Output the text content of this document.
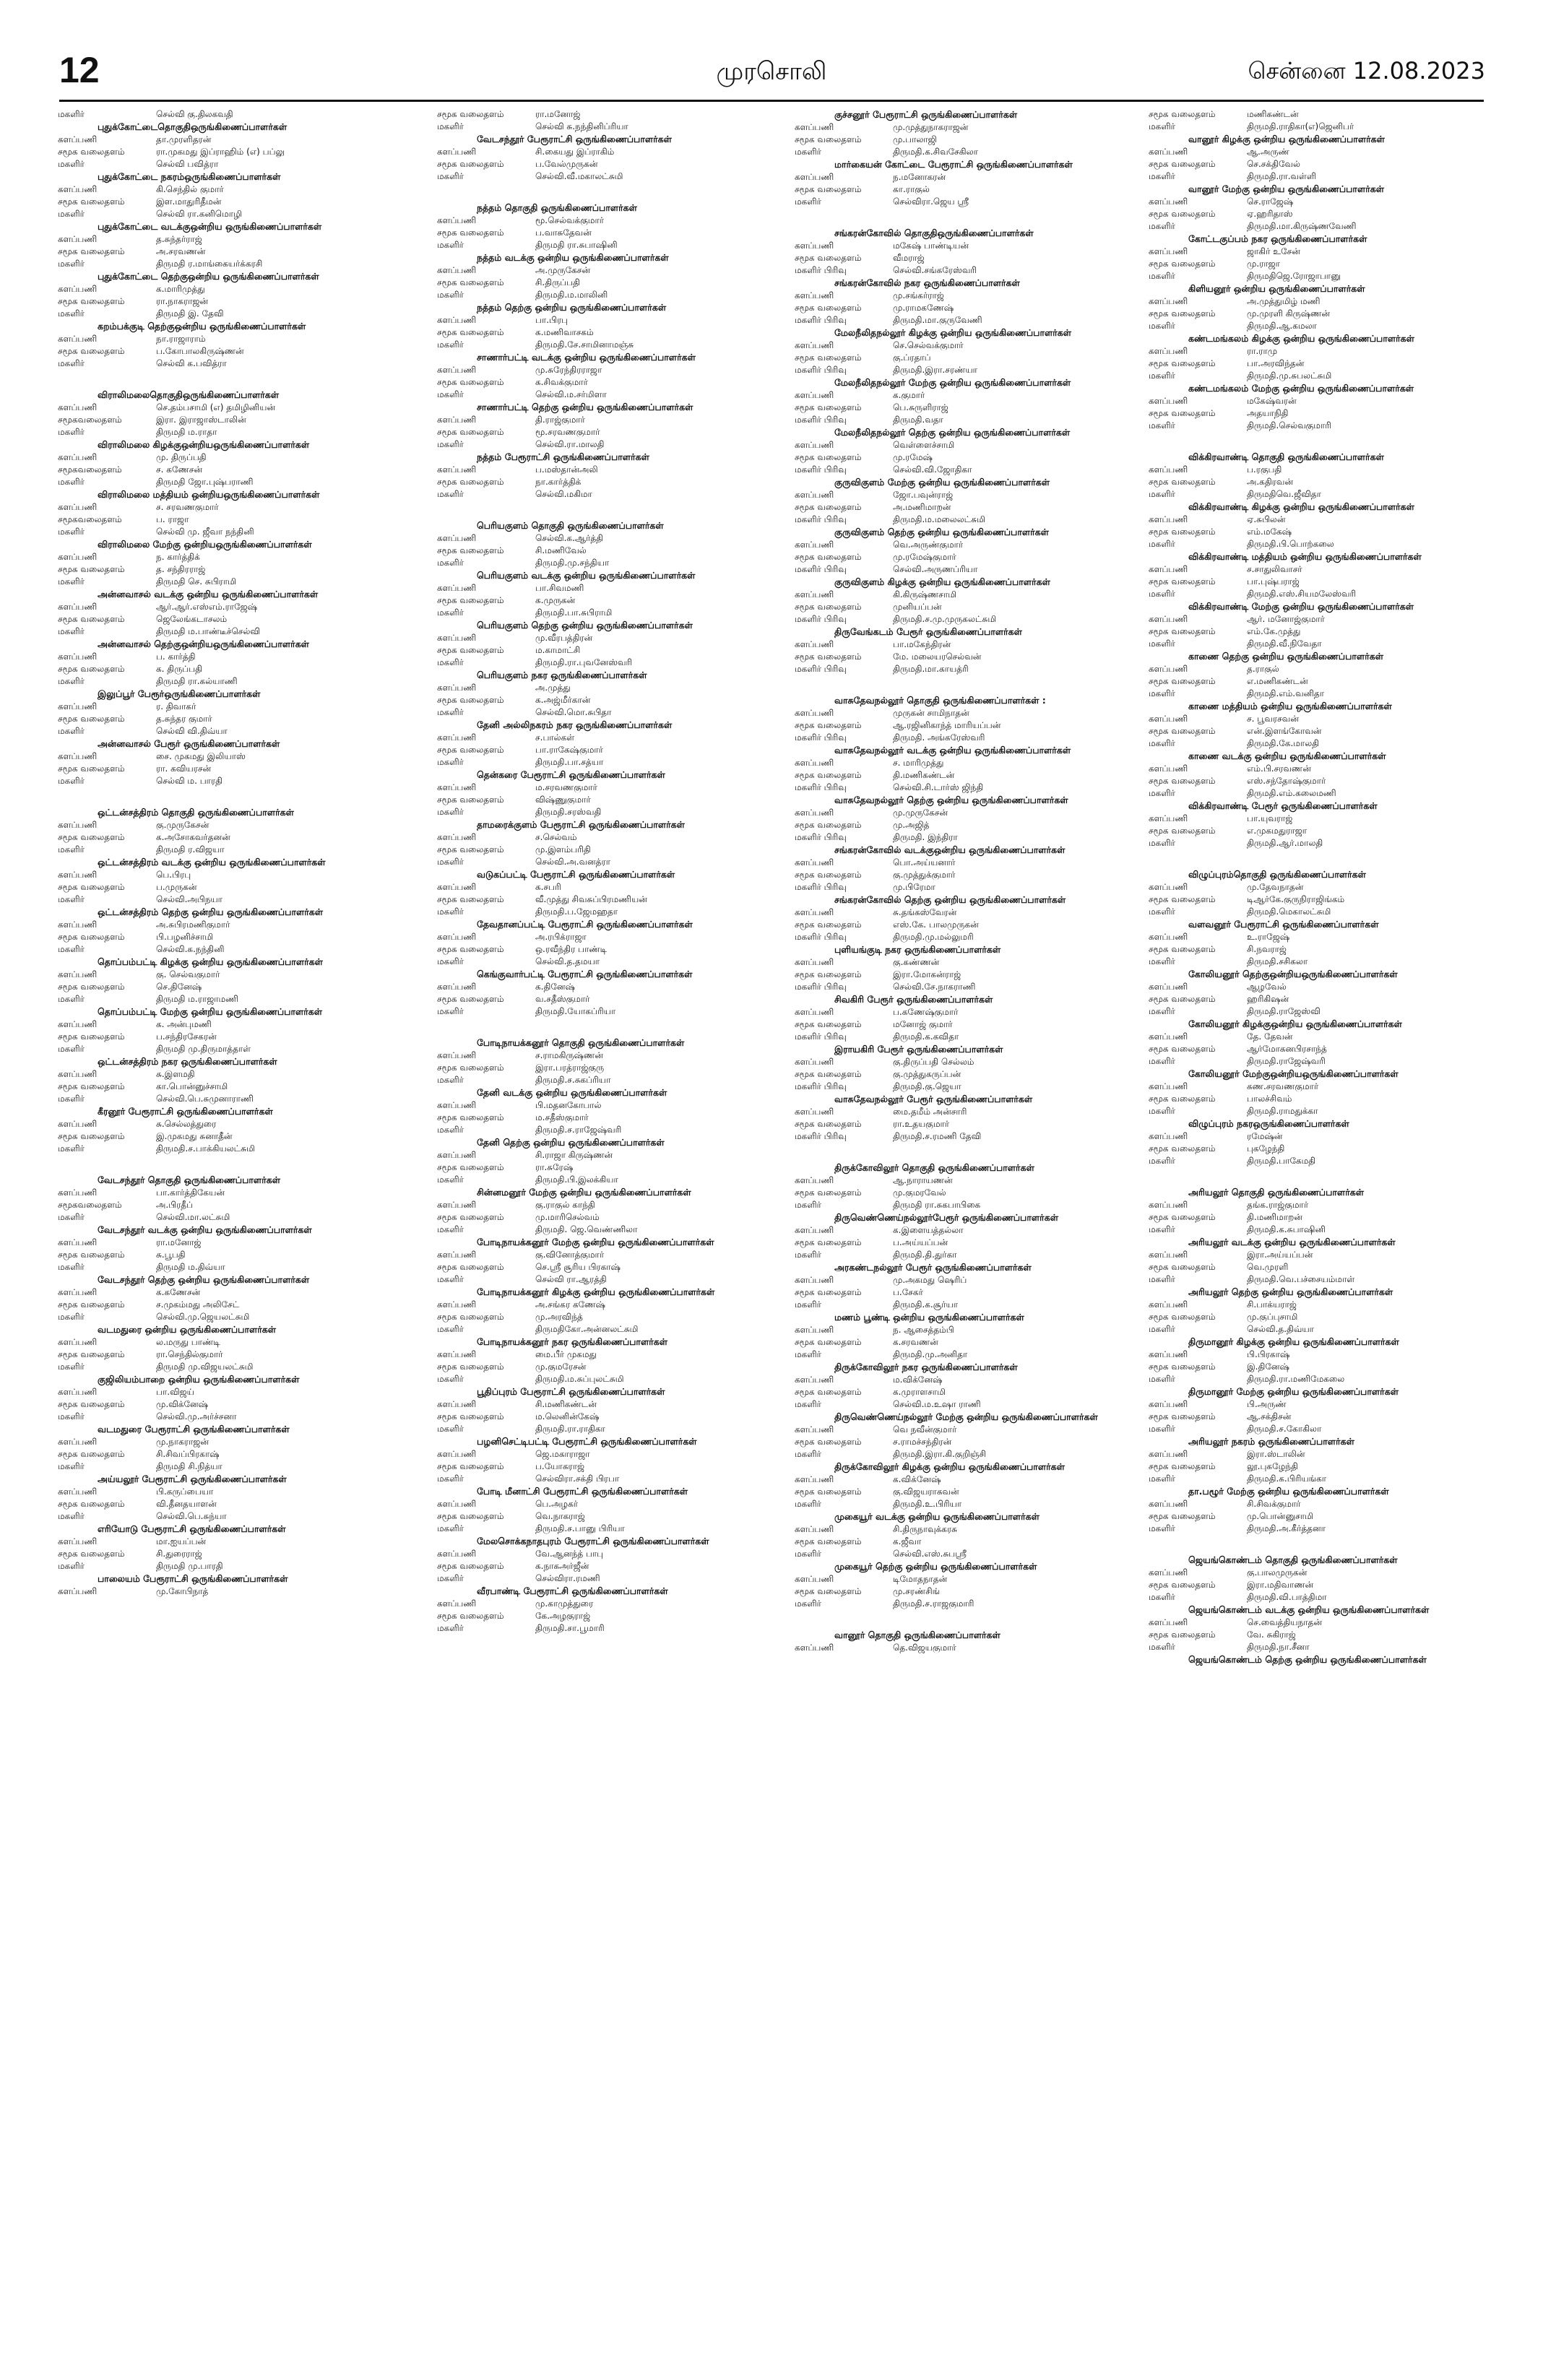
12	முரசொலி	சென்னை 12.08.2023
மகளிர்	செல்வி கு.திலகவதி
புதுக்கோட்டைதொகுதிஒருங்கிணைப்பாளர்கள்
களப்பணி	தா.முரளிதரன்
சமூக வலைதளம்	ரா.முகமது இப்ராஹிம் (எ) பப்லு
மகளிர்	செல்வி பவித்ரா
புதுக்கோட்டை நகரம்ஒருங்கிணைப்பாளர்கள்
களப்பணி	கி.செந்தில் குமார்
சமூக வலைதளம்	இள.மாதுரிதீமன்
மகளிர்	செல்வி ரா.கனிமொழி
புதுக்கோட்டை வடக்குஒன்றிய ஒருங்கிணைப்பாளர்கள்
களப்பணி	த.சுந்தர்ராஜ்
சமூக வலைதளம்	அ.சரவணன்
மகளிர்	திருமதி ர.மாங்கையர்க்கரசி
புதுக்கோட்டை தெற்குஒன்றிய ஒருங்கிணைப்பாளர்கள்
களப்பணி	க.மாரிமுத்து
சமூக வலைதளம்	ரா.நாகராஜன்
மகளிர்	திருமதி இ. தேவி
கறம்பக்குடி தெற்குஒன்றிய ஒருங்கிணைப்பாளர்கள்
களப்பணி	நா.ராஜாராம்
சமூக வலைதளம்	ப.கோபாலகிருஷ்ணன்
மகளிர்	செல்வி க.பவித்ரா
விராலிமலைதொகுதிஒருங்கிணைப்பாளர்கள்
களப்பணி	செ.தம்பசாமி (எ) தமிழினியன்
சமூகவலைதளம்	இரா. இராஜாஸ்டாலின்
மகளிர்	திருமதி ம.ராதா
விராலிமலை கிழக்குஒன்றியஒருங்கிணைப்பாளர்கள்
களப்பணி	மு. திருப்பதி
சமூகவலைதளம்	ச. கணேசன்
மகளிர்	திருமதி ஜோ.புஷ்பராணி
விராலிமலை மத்தியம் ஒன்றியஒருங்கிணைப்பாளர்கள்
களப்பணி	ச. சரவணகுமார்
சமூகவலைதளம்	ப. ராஜா
மகளிர்	செல்வி மு. ஜீவா நந்தினி
விராலிமலை மேற்கு ஒன்றியஒருங்கிணைப்பாளர்கள்
களப்பணி	ந. கார்த்திக்
சமூக வலைதளம்	த. சந்திரராஜ்
மகளிர்	திருமதி செ. சுபிராமி
அன்னவாசல் வடக்கு ஒன்றிய ஒருங்கிணைப்பாளர்கள்
களப்பணி	ஆர்.ஆர்.எஸ்எம்.ராஜேஷ்
சமூக வலைதளம்	ஜெலேங்கடாசலம்
மகளிர்	திருமதி ம.பாண்டீச்செல்வி
அன்னவாசல் தெற்குஒன்றியஒருங்கிணைப்பாளர்கள்
களப்பணி	ப. கார்த்தி
சமூக வலைதளம்	க. திருப்பதி
மகளிர்	திருமதி ரா.கல்யாணி
இலுப்பூர் பேரூர்ஒருங்கிணைப்பாளர்கள்
களப்பணி	ர. திவாகர்
சமூக வலைதளம்	த.சுந்தர குமார்
மகளிர்	செல்வி வி.திவ்யா
அன்னவாசல் பேரூர் ஒருங்கிணைப்பாளர்கள்
களப்பணி	சை. முகமது இலியாஸ்
சமூக வலைதளம்	ரா. கவியரசன்
மகளிர்	செல்வி ம. பாரதி
ஒட்டன்சத்திரம் தொகுதி ஒருங்கிணைப்பாளர்கள்
களப்பணி	கு.முருகேசன்
சமூக வலைதளம்	க.அசோகவர்தனன்
மகளிர்	திருமதி ர.விஜயா
ஒட்டன்சத்திரம் வடக்கு ஒன்றிய ஒருங்கிணைப்பாளர்கள்
களப்பணி	பெ.பிரபு
சமூக வலைதளம்	ப.முருகன்
மகளிர்	செல்வி.அபிநயா
ஒட்டன்சத்திரம் தெற்கு ஒன்றிய ஒருங்கிணைப்பாளர்கள்
களப்பணி	அ.சுபிரமணிகுமார்
சமூக வலைதளம்	பி.பழனிச்சாமி
மகளிர்	செல்வி.க.நந்தினி
தொப்பம்பட்டி கிழக்கு ஒன்றிய ஒருங்கிணைப்பாளர்கள்
களப்பணி	கு. செல்வகுமார்
சமூக வலைதளம்	செ.தினேஷ்
மகளிர்	திருமதி ம.ராஜாமணி
தொப்பம்பட்டி மேற்கு ஒன்றிய ஒருங்கிணைப்பாளர்கள்
களப்பணி	க. அன்புமணி
சமூக வலைதளம்	ப.சந்திரசேகரன்
மகளிர்	திருமதி மு.திருமாத்தாள்
ஒட்டன்சத்திரம் நகர ஒருங்கிணைப்பாளர்கள்
களப்பணி	சு.இளமதி
சமூக வலைதளம்	கா.பொன்னுச்சாமி
மகளிர்	செல்வி.பெ.சுமுனாராணி
கீரனூர் பேரூராட்சி ஒருங்கிணைப்பாளர்கள்
களப்பணி	சு.செல்லத்துரை
சமூக வலைதளம்	இ.முகமது சுனாதீன்
மகளிர்	திருமதி.ச.பாக்கியலட்சுமி
வேடசந்தூர் தொகுதி ஒருங்கிணைப்பாளர்கள்
களப்பணி	பா.கார்த்திகேயன்
சமூகவலைதளம்	அ.பிரதீப்
மகளிர்	செல்வி.மா.லட்சுமி
வேடசந்தூர் வடக்கு ஒன்றிய ஒருங்கிணைப்பாளர்கள்
களப்பணி	ரா.மனோஜ்
சமூக வலைதளம்	சு.பூபதி
மகளிர்	திருமதி ம.திவ்யா
வேடசந்தூர் தெற்கு ஒன்றிய ஒருங்கிணைப்பாளர்கள்
களப்பணி	க.கணேசன்
சமூக வலைதளம்	ச.முகம்மது அலிசேட்
மகளிர்	செல்வி.மு.ஜெயலட்சுமி
வடமதுரை ஒன்றிய ஒருங்கிணைப்பாளர்கள்
களப்பணி	ல.மருது பாண்டி
சமூக வலைதளம்	ரா.செந்தில்குமார்
மகளிர்	திருமதி மு.விஜயலட்சுமி
குஜிலியம்பாறை ஒன்றிய ஒருங்கிணைப்பாளர்கள்
களப்பணி	பா.விஜய்
சமூக வலைதளம்	மு.விக்னேஷ்
மகளிர்	செல்வி.மு.அர்ச்சனா
வடமதுரை பேரூராட்சி ஒருங்கிணைப்பாளர்கள்
களப்பணி	மு.நாகராஜன்
சமூக வலைதளம்	சி.சிவப்பிரகாஷ்
மகளிர்	திருமதி சி.நித்யா
அய்யலூர் பேரூராட்சி ஒருங்கிணைப்பாளர்கள்
களப்பணி	பி.கருப்பையா
சமூக வலைதளம்	வி.தீனதயாளன்
மகளிர்	செல்வி.பெ.சுந்யா
எரியோடு பேரூராட்சி ஒருங்கிணைப்பாளர்கள்
களப்பணி	மா.ஐயப்பன்
சமூக வலைதளம்	சி.துரைராஜ்
மகளிர்	திருமதி மு.பாரதி
பாலையம் பேரூராட்சி ஒருங்கிணைப்பாளர்கள்
களப்பணி	மு.கோபிநாத்
சமூக வலைதளம்	ரா.மனோஜ்
மகளிர்	செல்வி சு.நந்தினிப்ரியா
வேடசந்தூர் பேரூராட்சி ஒருங்கிணைப்பாளர்கள்
களப்பணி	சி.கையது இப்ராகிம்
சமூக வலைதளம்	ப.வேல்முருகன்
மகளிர்	செல்வி.வீ.மகாலட்சுமி
நத்தம் தொகுதி ஒருங்கிணைப்பாளர்கள்
களப்பணி	மூ.செல்வக்குமார்
சமூக வலைதளம்	ப.வாசுதேவன்
மகளிர்	திருமதி ரா.சுபாஷினி
நத்தம் வடக்கு ஒன்றிய ஒருங்கிணைப்பாளர்கள்
களப்பணி	அ.முருகேசன்
சமூக வலைதளம்	சி.திருப்பதி
மகளிர்	திருமதி.ம.மாலினி
நத்தம் தெற்கு ஒன்றிய ஒருங்கிணைப்பாளர்கள்
களப்பணி	பா.பிரபு
சமூக வலைதளம்	க.மணிவாசகம்
மகளிர்	திருமதி.சே.சாமினாமஞ்சு
சாணார்பட்டி வடக்கு ஒன்றிய ஒருங்கிணைப்பாளர்கள்
களப்பணி	மு.சுரேந்திரராஜா
சமூக வலைதளம்	க.சிவக்குமார்
மகளிர்	செல்வி.ம.சர்மிளா
சாணார்பட்டி தெற்கு ஒன்றிய ஒருங்கிணைப்பாளர்கள்
களப்பணி	தி.ராஜ்குமார்
சமூக வலைதளம்	மூ.சரவணகுமார்
மகளிர்	செல்வி.ரா.மாலதி
நத்தம் பேரூராட்சி ஒருங்கிணைப்பாளர்கள்
களப்பணி	ப.மஸ்தான்அலி
சமூக வலைதளம்	நா.கார்த்திக்
மகளிர்	செல்வி.மகிமா
பெரியகுளம் தொகுதி ஒருங்கிணைப்பாளர்கள்
களப்பணி	செல்வி.க.ஆர்த்தி
சமூக வலைதளம்	சி.மணிவேல்
மகளிர்	திருமதி.மு.சந்தியா
பெரியகுளம் வடக்கு ஒன்றிய ஒருங்கிணைப்பாளர்கள்
களப்பணி	பா.சிவமணி
சமூக வலைதளம்	க.முருகன்
மகளிர்	திருமதி.பா.சுபிராமி
பெரியகுளம் தெற்கு ஒன்றிய ஒருங்கிணைப்பாளர்கள்
களப்பணி	மு.வீரபத்திரன்
சமூக வலைதளம்	ம.காமாட்சி
மகளிர்	திருமதி.ரா.புவனேஸ்வரி
பெரியகுளம் நகர ஒருங்கிணைப்பாளர்கள்
களப்பணி	அ.முத்து
சமூக வலைதளம்	க.அஜ்மீர்கான்
மகளிர்	செல்வி.மொ.சுபிதா
தேனி அல்லிநகரம் நகர ஒருங்கிணைப்பாளர்கள்
களப்பணி	ச.பால்கள்
சமூக வலைதளம்	பா.ராகேஷ்குமார்
மகளிர்	திருமதி.பா.சத்யா
தென்கரை பேரூராட்சி ஒருங்கிணைப்பாளர்கள்
களப்பணி	ம.சரவணகுமார்
சமூக வலைதளம்	விஷ்ணுகுமார்
மகளிர்	திருமதி.சரஸ்வதி
தாமரைக்குளம் பேரூராட்சி ஒருங்கிணைப்பாளர்கள்
களப்பணி	ச.செல்வம்
சமூக வலைதளம்	மு.இளம்பரிதி
மகளிர்	செல்வி.அ.வனத்ரா
வடுகப்பட்டி பேரூராட்சி ஒருங்கிணைப்பாளர்கள்
களப்பணி	க.சபரி
சமூக வலைதளம்	வீ.முத்து சிவசுப்பிரமணியன்
மகளிர்	திருமதி.ப.ஜேமஹதா
தேவதானப்பட்டி பேரூராட்சி ஒருங்கிணைப்பாளர்கள்
களப்பணி	அ.ரபிக்ராஜா
சமூக வலைதளம்	ஒ.ரவீந்திர பாண்டி
மகளிர்	செல்வி.த.தமயா
கெங்குவார்பட்டி பேரூராட்சி ஒருங்கிணைப்பாளர்கள்
களப்பணி	க.தினேஷ்
சமூக வலைதளம்	வ.சதீஸ்குமார்
மகளிர்	திருமதி.யோகப்ரியா
போடிநாயக்கனூர் தொகுதி ஒருங்கிணைப்பாளர்கள்
களப்பணி	ச.ராமகிருஷ்ணன்
சமூக வலைதளம்	இரா.பரத்ராஜ்குரு
மகளிர்	திருமதி.ச.சுகப்ரியா
தேனி வடக்கு ஒன்றிய ஒருங்கிணைப்பாளர்கள்
களப்பணி	பி.மதனகோபால்
சமூக வலைதளம்	ம.சதீஸ்குமார்
மகளிர்	திருமதி.ச.ராஜேஷ்வரி
தேனி தெற்கு ஒன்றிய ஒருங்கிணைப்பாளர்கள்
களப்பணி	சி.ராஜா கிருஷ்ணன்
சமூக வலைதளம்	ரா.சுரேஷ்
மகளிர்	திருமதி.பி.இலக்கியா
சின்னமனூர் மேற்கு ஒன்றிய ஒருங்கிணைப்பாளர்கள்
களப்பணி	கு.ராகுல் காந்தி
சமூக வலைதளம்	மு.மாரிசெல்வம்
மகளிர்	திருமதி. ஜெ.வெண்ணிலா
போடிநாயக்கனூர் மேற்கு ஒன்றிய ஒருங்கிணைப்பாளர்கள்
களப்பணி	கு.வினோத்குமார்
சமூக வலைதளம்	செ.ஸ்ரீ சூரிய பிரகாஷ்
மகளிர்	செல்வி ரா.ஆரத்தி
போடிநாயக்கனூர் கிழக்கு ஒன்றிய ஒருங்கிணைப்பாளர்கள்
களப்பணி	அ.சங்கர கணேஷ்
சமூக வலைதளம்	மு.அரவிந்த்
மகளிர்	திருமதிகோ.அன்னலட்சுமி
போடிநாயக்கனூர் நகர ஒருங்கிணைப்பாளர்கள்
களப்பணி	மை.பீர் முகமது
சமூக வலைதளம்	மு.குமரேசன்
மகளிர்	திருமதி.ம.சுப்புலட்சுமி
பூதிப்புரம் பேரூராட்சி ஒருங்கிணைப்பாளர்கள்
களப்பணி	சி.மணிகண்டன்
சமூக வலைதளம்	ம.லெனின்கேஷ்
மகளிர்	திருமதி.ரா.ராதிகா
பழனிசெட்டிபட்டி பேரூராட்சி ஒருங்கிணைப்பாளர்கள்
களப்பணி	ஜெ.மகாராஜா
சமூக வலைதளம்	ப.யோகராஜ்
மகளிர்	செல்விரா.சக்தி பிரபா
போடி மீனாட்சி பேரூராட்சி ஒருங்கிணைப்பாளர்கள்
களப்பணி	பெ.அழகர்
சமூக வலைதளம்	வெ.நாகராஜ்
மகளிர்	திருமதி.ச.பானு பிரியா
மேலசொக்கநாதபுரம் பேரூராட்சி ஒருங்கிணைப்பாளர்கள்
களப்பணி	வே.ஆனந்த் பாபு
சமூக வலைதளம்	க.நாகஅர்ஜீன்
மகளிர்	செல்விரா.ரமணி
வீரபாண்டி பேரூராட்சி ஒருங்கிணைப்பாளர்கள்
களப்பணி	மு.காமுத்துரை
சமூக வலைதளம்	கே.அழகுராஜ்
மகளிர்	திருமதி.சா.பூமாரி
குச்சனூர் பேரூராட்சி ஒருங்கிணைப்பாளர்கள்
களப்பணி	மு.முத்துநாகராஜன்
சமூக வலைதளம்	மு.பாலாஜி
மகளிர்	திருமதி.க.சிவசேகிலா
மார்கையன் கோட்டை பேரூராட்சி ஒருங்கிணைப்பாளர்கள்
களப்பணி	ந.மனோகரன்
சமூக வலைதளம்	கா.ராகுல்
மகளிர்	செல்விரா.ஜெய ஸ்ரீ
சங்கரன்கோவில் தொகுதிஒருங்கிணைப்பாளர்கள்
களப்பணி	மகேஷ் பாண்டியன்
சமூக வலைதளம்	வீமராஜ்
மகளிர் பிரிவு	செல்வி.சங்கரேஸ்வரி
சங்கரன்கோவில் நகர ஒருங்கிணைப்பாளர்கள்
களப்பணி	மு.சங்கர்ராஜ்
சமூக வலைதளம்	மு.ராமகணேஷ்
மகளிர் பிரிவு	திருமதி.மா.குருவேணி
மேலநீலிதநல்லூர் கிழக்கு ஒன்றிய ஒருங்கிணைப்பாளர்கள்
களப்பணி	செ.செல்வக்குமார்
சமூக வலைதளம்	கு.ப்ரதாப்
மகளிர் பிரிவு	திருமதி.இரா.சரண்யா
மேலநீலிதநல்லூர் மேற்கு ஒன்றிய ஒருங்கிணைப்பாளர்கள்
களப்பணி	க.குமார்
சமூக வலைதளம்	பெ.சுருளிராஜ்
மகளிர் பிரிவு	திருமதி.வதா
மேலநீலிதநல்லூர் தெற்கு ஒன்றிய ஒருங்கிணைப்பாளர்கள்
களப்பணி	வெள்ளைச்சாமி
சமூக வலைதளம்	மு.ரமேஷ்
மகளிர் பிரிவு	செல்வி.வி.ஜோதிகா
குருவிகுளம் மேற்கு ஒன்றிய ஒருங்கிணைப்பாளர்கள்
களப்பணி	ஜோ.பவுன்ராஜ்
சமூக வலைதளம்	அ.மணிமாறன்
மகளிர் பிரிவு	திருமதி.ம.மலைலட்சுமி
குருவிகுளம் தெற்கு ஒன்றிய ஒருங்கிணைப்பாளர்கள்
களப்பணி	வெ.அருண்குமார்
சமூக வலைதளம்	மு.ரமேஷ்குமார்
மகளிர் பிரிவு	செல்வி.அருணப்ரியா
குருவிகுளம் கிழக்கு ஒன்றிய ஒருங்கிணைப்பாளர்கள்
களப்பணி	கி.கிருஷ்ணசாமி
சமூக வலைதளம்	முனியப்பன்
மகளிர் பிரிவு	திருமதி.ச.மு.முருகலட்சுமி
திருவேங்கடம் பேரூர் ஒருங்கிணைப்பாளர்கள்
களப்பணி	பா.மகேந்திரன்
சமூக வலைதளம்	மே. மலையரசெல்வன்
மகளிர் பிரிவு	திருமதி.மா.காயத்ரி
வாசுதேவநல்லூர் தொகுதி ஒருங்கிணைப்பாளர்கள் :
களப்பணி	முருகன் சாமிநாதன்
சமூக வலைதளம்	ஆ.ரஜினிகாந்த் மாரியப்பன்
மகளிர் பிரிவு	திருமதி. அங்கரேஸ்வரி
வாசுதேவநல்லூர் வடக்கு ஒன்றிய ஒருங்கிணைப்பாளர்கள்
களப்பணி	ச. மாரிமுத்து
சமூக வலைதளம்	தி.மணிகண்டன்
மகளிர் பிரிவு	செல்வி.சி.டார்ஸ் ஜிந்தி
வாசுதேவநல்லூர் தெற்கு ஒன்றிய ஒருங்கிணைப்பாளர்கள்
களப்பணி	மு.முருகேசன்
சமூக வலைதளம்	மு.அஜித்
மகளிர் பிரிவு	திருமதி. இந்திரா
சங்கரன்கோவில் வடக்குஒன்றிய ஒருங்கிணைப்பாளர்கள்
களப்பணி	பொ.அய்யனார்
சமூக வலைதளம்	கு.முத்துக்குமார்
மகளிர் பிரிவு	மு.பிரேமா
சங்கரன்கோவில் தெற்கு ஒன்றிய ஒருங்கிணைப்பாளர்கள்
களப்பணி	சு.தங்கஸ்வேரன்
சமூக வலைதளம்	எஸ்.கே. பாலமுருகன்
மகளிர் பிரிவு	திருமதி.மு.மல்லுமரி
புளியங்குடி நகர ஒருங்கிணைப்பாளர்கள்
களப்பணி	கு.கண்ணன்
சமூக வலைதளம்	இரா.மோகன்ராஜ்
மகளிர் பிரிவு	செல்வி.சே.நாகராணி
சிவகிரி பேரூர் ஒருங்கிணைப்பாளர்கள்
களப்பணி	ப.கணேஷ்குமார்
சமூக வலைதளம்	மனோஜ் குமார்
மகளிர் பிரிவு	திருமதி.க.கவிதா
இராயகிரி பேரூர் ஒருங்கிணைப்பாளர்கள்
களப்பணி	கு.திருப்பதி செல்லம்
சமூக வலைதளம்	கு.முத்துகருப்பன்
மகளிர் பிரிவு	திருமதி.கு.ஜெயா
வாசுதேவநல்லூர் பேரூர் ஒருங்கிணைப்பாளர்கள்
களப்பணி	மை.தமீம் அன்சாரி
சமூக வலைதளம்	ரா.உதயகுமார்
மகளிர் பிரிவு	திருமதி.ச.ரமணி தேவி
திருக்கோவிலூர் தொகுதி ஒருங்கிணைப்பாளர்கள்
களப்பணி	ஆ.நாராயணன்
சமூக வலைதளம்	மு.குமரவேல்
மகளிர்	திருமதி ரா.சுகபாபிகை
திருவெண்ணெய்நல்லூர்பேரூர் ஒருங்கிணைப்பாளர்கள்
களப்பணி	க.இளையத்தல்லா
சமூக வலைதளம்	ப.அய்யப்பன்
மகளிர்	திருமதி.தி.துர்கா
அரகண்டநல்லூர் பேரூர் ஒருங்கிணைப்பாளர்கள்
களப்பணி	மு.அகமது ஷெரிப்
சமூக வலைதளம்	ப.சேகர்
மகளிர்	திருமதி.க.சூர்யா
மணம் பூண்டி ஒன்றிய ஒருங்கிணைப்பாளர்கள்
களப்பணி	ந. ஆசைத்தம்பி
சமூக வலைதளம்	க.சரவணன்
மகளிர்	திருமதி.மு.அனிதா
திருக்கோவிலூர் நகர ஒருங்கிணைப்பாளர்கள்
களப்பணி	ம.விக்னேஷ்
சமூக வலைதளம்	க.முராளசாமி
மகளிர்	செல்வி.ம.உஷா ராணி
திருவெண்ணெய்நல்லூர் மேற்கு ஒன்றிய ஒருங்கிணைப்பாளர்கள்
களப்பணி	வெ நவீன்குமார்
சமூக வலைதளம்	ச.ராமச்சந்திரன்
மகளிர்	திருமதி.இரா.கி.குறிஞ்சி
திருக்கோவிலூர் கிழக்கு ஒன்றிய ஒருங்கிணைப்பாளர்கள்
களப்பணி	க.விக்னேஷ்
சமூக வலைதளம்	கு.விஜயராகவன்
மகளிர்	திருமதி.உ.பிரியா
முகையூர் வடக்கு ஒன்றிய ஒருங்கிணைப்பாளர்கள்
களப்பணி	சி.திருநாவுக்கரசு
சமூக வலைதளம்	க.ஜீவா
மகளிர்	செல்வி.எஸ்.சுபஸ்ரீ
முகையூர் தெற்கு ஒன்றிய ஒருங்கிணைப்பாளர்கள்
களப்பணி	டிமோதநாதன்
சமூக வலைதளம்	மு.சரண்சிங்
மகளிர்	திருமதி.ச.ராஜகுமாரி
வானூர் தொகுதி ஒருங்கிணைப்பாளர்கள்
களப்பணி	தெ.விஜயகுமார்
சமூக வலைதளம்	மணிகண்டன்
மகளிர்	திருமதி.ராதிகா(எ)ஜெனிபர்
வானூர் கிழக்கு ஒன்றிய ஒருங்கிணைப்பாளர்கள்
களப்பணி	ஆ.அருண்
சமூக வலைதளம்	செ.சக்திவேல்
மகளிர்	திருமதி.ரா.வள்ளி
வானூர் மேற்கு ஒன்றிய ஒருங்கிணைப்பாளர்கள்
களப்பணி	செ.ராஜேஷ்
சமூக வலைதளம்	ஏ.ஹரிதாஸ்
மகளிர்	திருமதி.மா.கிருஷ்ணவேணி
கோட்டகுப்பம் நகர ஒருங்கிணைப்பாளர்கள்
களப்பணி	ஜாகிர் உசேன்
சமூக வலைதளம்	மு.ராஜா
மகளிர்	திருமதிஜெ.ரோஜாபானு
கிளியனூர் ஒன்றிய ஒருங்கிணைப்பாளர்கள்
களப்பணி	அ.முத்துமிழ் மணி
சமூக வலைதளம்	மு.முரளி கிருஷ்ணன்
மகளிர்	திருமதி.ஆ.கமலா
கண்டமங்கலம் கிழக்கு ஒன்றிய ஒருங்கிணைப்பாளர்கள்
களப்பணி	ரா.ராமு
சமூக வலைதளம்	பா.அரவிந்தன்
மகளிர்	திருமதி.மு.சுபலட்சுமி
கண்டமங்கலம் மேற்கு ஒன்றிய ஒருங்கிணைப்பாளர்கள்
களப்பணி	மகேஷ்வரன்
சமூக வலைதளம்	அதயாநிதி
மகளிர்	திருமதி.செல்வகுமாரி
விக்கிரவாண்டி தொகுதி ஒருங்கிணைப்பாளர்கள்
களப்பணி	ப.ரகுபதி
சமூக வலைதளம்	அ.கதிரவன்
மகளிர்	திருமதிவெ.ஜீவிதா
விக்கிரவாண்டி கிழக்கு ஒன்றிய ஒருங்கிணைப்பாளர்கள்
களப்பணி	ஏ.சுபிலன்
சமூக வலைதளம்	எம்.மகேஷ்
மகளிர்	திருமதி.பி.பொற்கலை
விக்கிரவாண்டி மத்தியம் ஒன்றிய ஒருங்கிணைப்பாளர்கள்
களப்பணி	ச.சாதுலிவாசர்
சமூக வலைதளம்	பா.புஷ்பராஜ்
மகளிர்	திருமதி.எஸ்.சியமலேஸ்வரி
விக்கிரவாண்டி மேற்கு ஒன்றிய ஒருங்கிணைப்பாளர்கள்
களப்பணி	ஆர். மனோஜ்குமார்
சமூக வலைதளம்	எம்.கே.முத்து
மகளிர்	திருமதி.வீ.நிவேதா
காணை தெற்கு ஒன்றிய ஒருங்கிணைப்பாளர்கள்
களப்பணி	த.ராகுல்
சமூக வலைதளம்	எ.மணிகண்டன்
மகளிர்	திருமதி.எம்.வனிதா
காணை மத்தியம் ஒன்றிய ஒருங்கிணைப்பாளர்கள்
களப்பணி	ச. பூவரசவன்
சமூக வலைதளம்	என்.இளங்கோவன்
மகளிர்	திருமதி.கே.மாலதி
காணை வடக்கு ஒன்றிய ஒருங்கிணைப்பாளர்கள்
களப்பணி	எம்.பி.சரவணன்
சமூக வலைதளம்	எஸ்.சந்தோஷ்குமார்
மகளிர்	திருமதி.எம்.கலைமணி
விக்கிரவாண்டி பேரூர் ஒருங்கிணைப்பாளர்கள்
களப்பணி	பா.யுவராஜ்
சமூக வலைதளம்	எ.முகமதுராஜா
மகளிர்	திருமதி.ஆர்.மாலதி
விழுப்புரம்தொகுதி ஒருங்கிணைப்பாளர்கள்
களப்பணி	மு.தேவநாதன்
சமூக வலைதளம்	டிஆர்கே.குருநிராஜிங்கம்
மகளிர்	திருமதி.மெகாலட்சுமி
வளவனூர் பேரூராட்சி ஒருங்கிணைப்பாளர்கள்
களப்பணி	உ.ராஜேஷ்
சமூக வலைதளம்	சி.நவராஜ்
மகளிர்	திருமதி.சசிகலா
கோலியனூர் தெற்குஒன்றியஒருங்கிணைப்பாளர்கள்
களப்பணி	ஆழவேல்
சமூக வலைதளம்	ஹரிகிஷன்
மகளிர்	திருமதி.ராஜேஸ்வி
கோலியனூர் கிழக்குஒன்றிய ஒருங்கிணைப்பாளர்கள்
களப்பணி	தே. தேவன்
சமூக வலைதளம்	ஆர்மோகனபிரசாந்த்
மகளிர்	திருமதி.ராஜேஷ்வரி
கோலியனூர் மேற்குஒன்றியஒருங்கிணைப்பாளர்கள்
களப்பணி	கண.சரவணகுமார்
சமூக வலைதளம்	பாலச்சிவம்
மகளிர்	திருமதி.ராமதுக்கா
விழுப்புரம் நகரஒருங்கிணைப்பாளர்கள்
களப்பணி	ரமேஷ்ன்
சமூக வலைதளம்	புகழேந்தி
மகளிர்	திருமதி.பாகேமதி
அரியலூர் தொகுதி ஒருங்கிணைப்பாளர்கள்
களப்பணி	தங்க.ராஜ்குமார்
சமூக வலைதளம்	தி.மணிமாறன்
மகளிர்	திருமதி.க.சுபாஷினி
அரியலூர் வடக்கு ஒன்றிய ஒருங்கிணைப்பாளர்கள்
களப்பணி	இரா.அய்யப்பன்
சமூக வலைதளம்	வெ.முரளி
மகளிர்	திருமதி.வெ.பச்சையம்மாள்
அரியலூர் தெற்கு ஒன்றிய ஒருங்கிணைப்பாளர்கள்
களப்பணி	சி.பாக்யராஜ்
சமூக வலைதளம்	மு.குப்புசாமி
மகளிர்	செல்வி.த.திவ்யா
திருமானூர் கிழக்கு ஒன்றிய ஒருங்கிணைப்பாளர்கள்
களப்பணி	பி.பிரகாஷ்
சமூக வலைதளம்	இ.தினேஷ்
மகளிர்	திருமதி.ரா.மணிமேகலை
திருமானூர் மேற்கு ஒன்றிய ஒருங்கிணைப்பாளர்கள்
களப்பணி	பி.அருண்
சமூக வலைதளம்	ஆ.சக்திசன்
மகளிர்	திருமதி.ச.கோகிலா
அரியலூர் நகரம் ஒருங்கிணைப்பாளர்கள்
களப்பணி	இரா.ஸ்டாலின்
சமூக வலைதளம்	லூ.புகழேந்தி
மகளிர்	திருமதி.க.பிரியங்கா
தா.பழூர் மேற்கு ஒன்றிய ஒருங்கிணைப்பாளர்கள்
களப்பணி	சி.சிவக்குமார்
சமூக வலைதளம்	மு.பொன்னுசாமி
மகளிர்	திருமதி.அ.கீர்த்தனா
ஜெயங்கொண்டம் தொகுதி ஒருங்கிணைப்பாளர்கள்
களப்பணி	கு.பாலமுருகன்
சமூக வலைதளம்	இரா.மதிவாணன்
மகளிர்	திருமதி.வி.பாத்திமா
ஜெயங்கொண்டம் வடக்கு ஒன்றிய ஒருங்கிணைப்பாளர்கள்
களப்பணி	செ.வைத்தியநாதன்
சமூக வலைதளம்	வே. சுகிராஜ்
மகளிர்	திருமதி.நா.சீனா
ஜெயங்கொண்டம் தெற்கு ஒன்றிய ஒருங்கிணைப்பாளர்கள்
